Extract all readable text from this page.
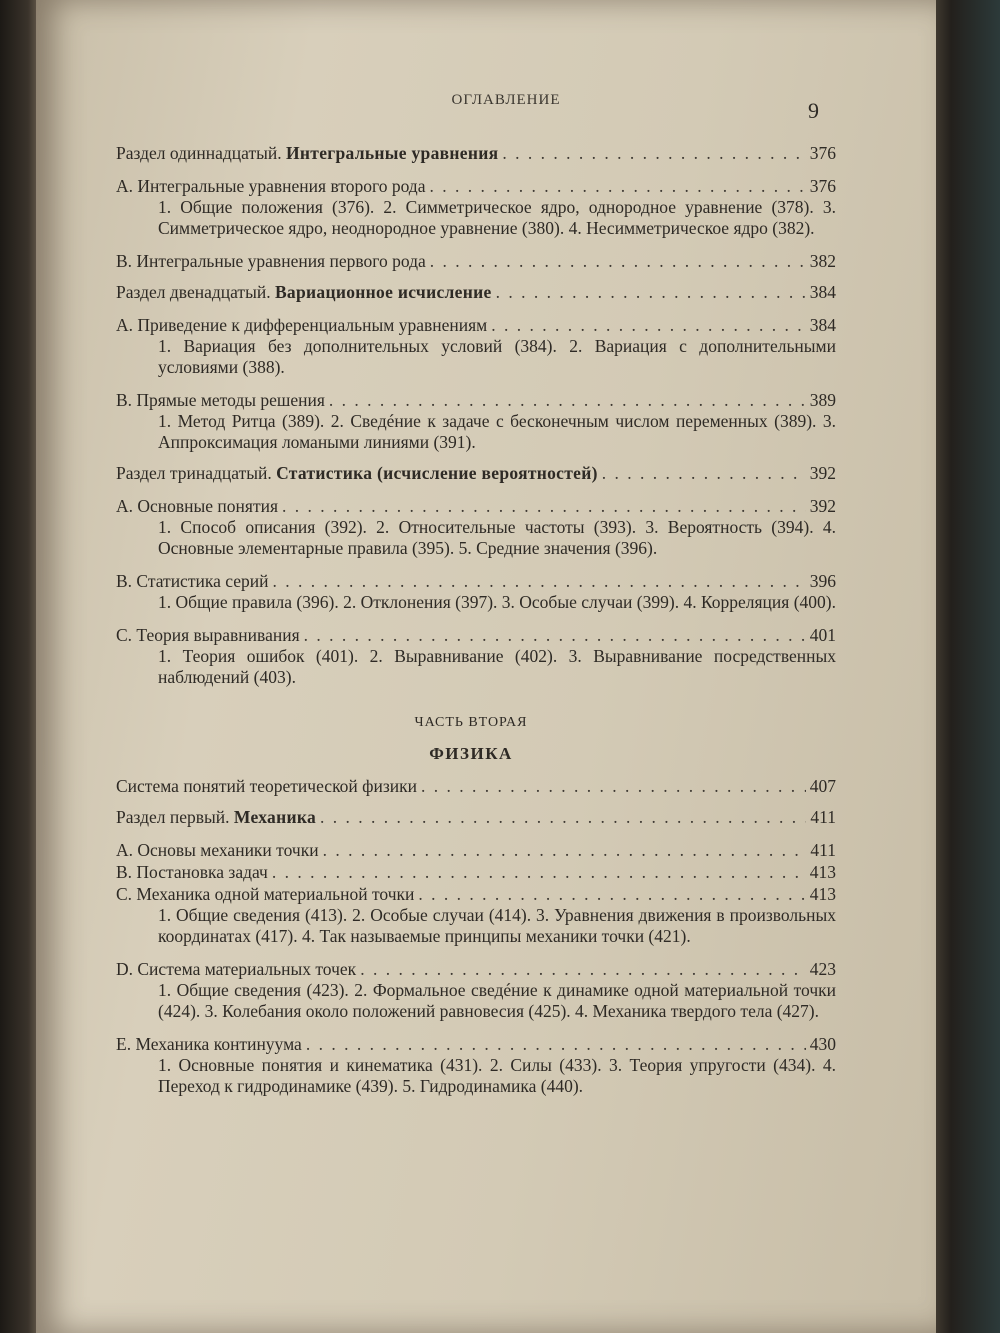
ОГЛАВЛЕНИЕ	9
Раздел одиннадцатый. Интегральные уравнения . . .	376
A. Интегральные уравнения второго рода . . .	376
1. Общие положения (376). 2. Симметрическое ядро, однородное уравнение (378). 3. Симметрическое ядро, неоднородное уравнение (380). 4. Несимметрическое ядро (382).
B. Интегральные уравнения первого рода . . .	382
Раздел двенадцатый. Вариационное исчисление . . .	384
A. Приведение к дифференциальным уравнениям . . .	384
1. Вариация без дополнительных условий (384). 2. Вариация с дополнительными условиями (388).
B. Прямые методы решения . . .	389
1. Метод Ритца (389). 2. Сведéние к задаче с бесконечным числом переменных (389). 3. Аппроксимация ломаными линиями (391).
Раздел тринадцатый. Статистика (исчисление вероятностей) . . .	392
A. Основные понятия . . .	392
1. Способ описания (392). 2. Относительные частоты (393). 3. Вероятность (394). 4. Основные элементарные правила (395). 5. Средние значения (396).
B. Статистика серий . . .	396
1. Общие правила (396). 2. Отклонения (397). 3. Особые случаи (399). 4. Корреляция (400).
C. Теория выравнивания . . .	401
1. Теория ошибок (401). 2. Выравнивание (402). 3. Выравнивание посредственных наблюдений (403).
ЧАСТЬ ВТОРАЯ
ФИЗИКА
Система понятий теоретической физики . . .	407
Раздел первый. Механика . . .	411
A. Основы механики точки . . .	411
B. Постановка задач . . .	413
C. Механика одной материальной точки . . .	413
1. Общие сведения (413). 2. Особые случаи (414). 3. Уравнения движения в произвольных координатах (417). 4. Так называемые принципы механики точки (421).
D. Система материальных точек . . .	423
1. Общие сведения (423). 2. Формальное сведéние к динамике одной материальной точки (424). 3. Колебания около положений равновесия (425). 4. Механика твердого тела (427).
E. Механика континуума . . .	430
1. Основные понятия и кинематика (431). 2. Силы (433). 3. Теория упругости (434). 4. Переход к гидродинамике (439). 5. Гидродинамика (440).
